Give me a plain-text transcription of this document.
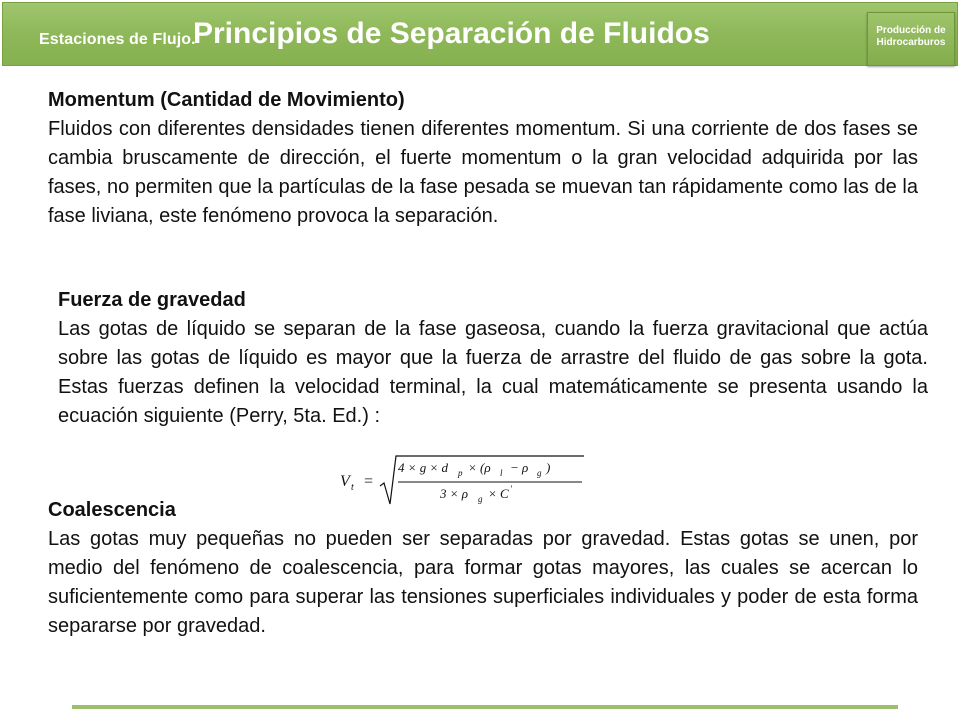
Estaciones de Flujo.
Principios de Separación de Fluidos	Producción de
Hidrocarburos
Momentum (Cantidad de Movimiento)
Fluidos con diferentes densidades tienen diferentes momentum. Si una corriente de dos fases se cambia bruscamente de dirección, el fuerte momentum o la gran velocidad adquirida por las fases, no permiten que la partículas de la fase pesada se muevan tan rápidamente como las de la fase liviana, este fenómeno provoca la separación.
Fuerza de gravedad
Las gotas de líquido se separan de la fase gaseosa, cuando la fuerza gravitacional que actúa sobre las gotas de líquido es mayor que la fuerza de arrastre del fluido de gas sobre la gota. Estas fuerzas definen la velocidad terminal, la cual matemáticamente se presenta usando la ecuación siguiente (Perry, 5ta. Ed.) :
V t =
4 × g × d p × (ρ l − ρ g )
3 × ρ g × C '
Coalescencia
Las gotas muy pequeñas no pueden ser separadas por gravedad. Estas gotas se unen, por medio del fenómeno de coalescencia, para formar gotas mayores, las cuales se acercan lo suficientemente como para superar las tensiones superficiales individuales y poder de esta forma separarse por gravedad.
